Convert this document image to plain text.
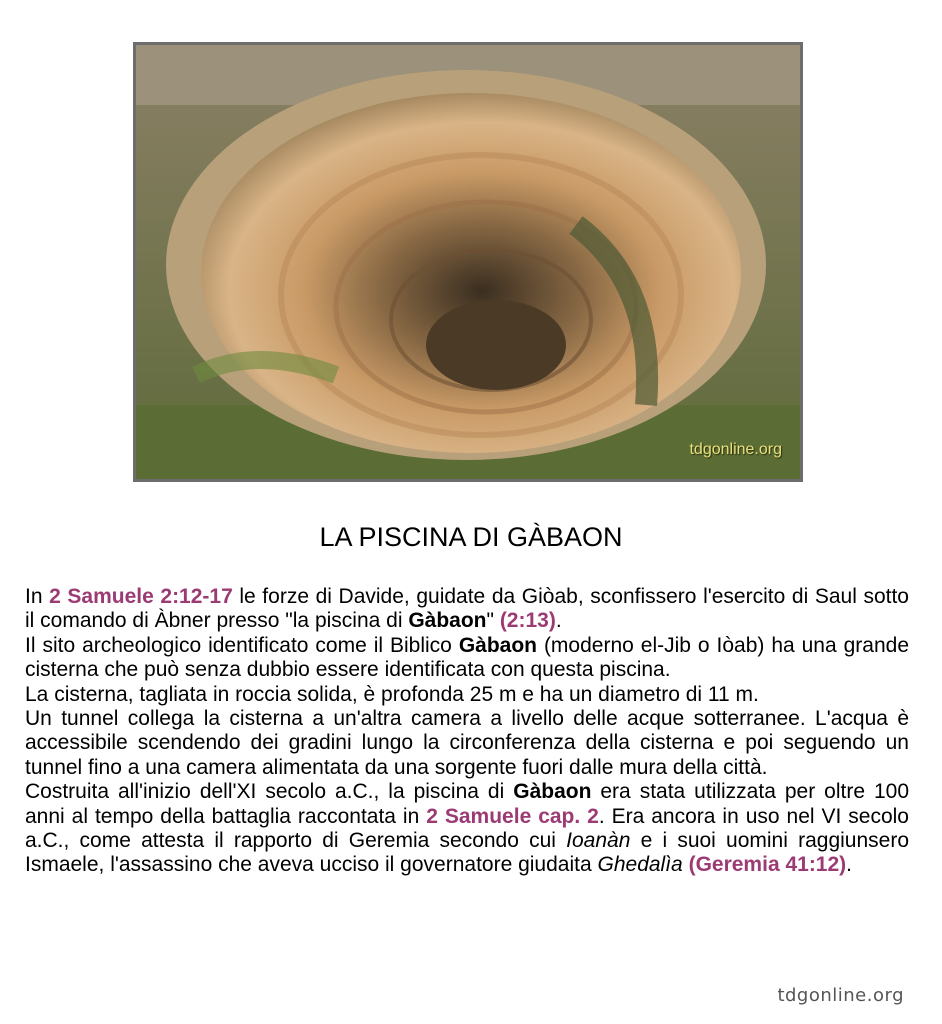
tdgonline.org
LA PISCINA DI GÀBAON

In 2 Samuele 2:12-17 le forze di Davide, guidate da Giòab, sconfissero l'esercito di Saul sotto il comando di Àbner presso "la piscina di Gàbaon" (2:13).

Il sito archeologico identificato come il Biblico Gàbaon (moderno el-Jib o Iòab) ha una grande cisterna che può senza dubbio essere identificata con questa piscina.

La cisterna, tagliata in roccia solida, è profonda 25 m e ha un diametro di 11 m.

Un tunnel collega la cisterna a un'altra camera a livello delle acque sotterranee. L'acqua è accessibile scendendo dei gradini lungo la circonferenza della cisterna e poi seguendo un tunnel fino a una camera alimentata da una sorgente fuori dalle mura della città.

Costruita all'inizio dell'XI secolo a.C., la piscina di Gàbaon era stata utilizzata per oltre 100 anni al tempo della battaglia raccontata in 2 Samuele cap. 2. Era ancora in uso nel VI secolo a.C., come attesta il rapporto di Geremia secondo cui Ioanàn e i suoi uomini raggiunsero Ismaele, l'assassino che aveva ucciso il governatore giudaita Ghedalìa (Geremia 41:12).

tdgonline.org
